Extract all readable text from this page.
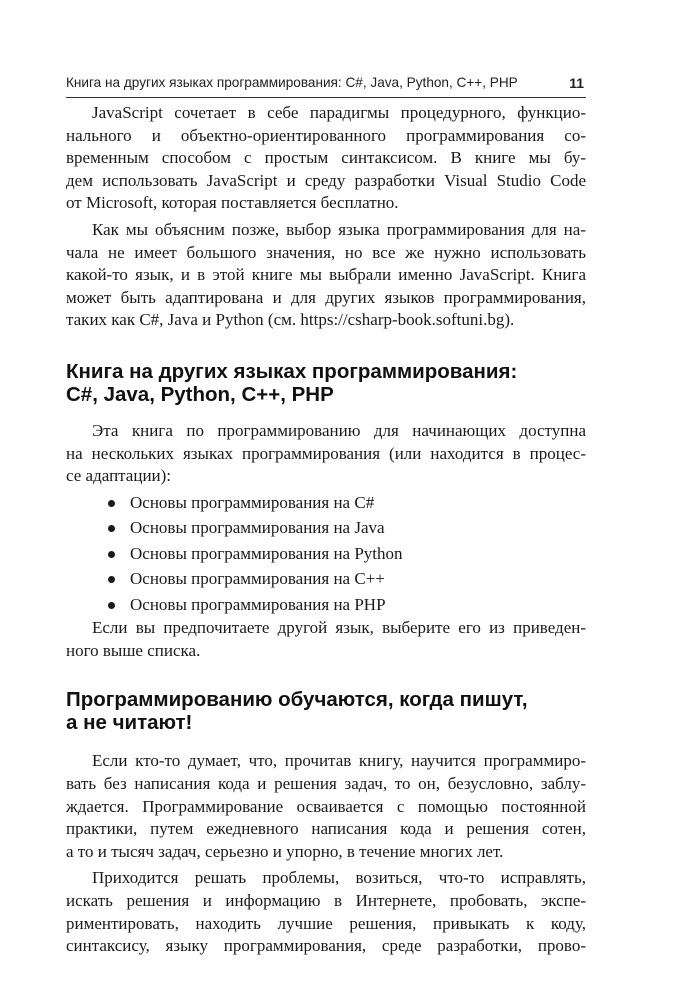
Книга на других языках программирования: C#, Java, Python, C++, PHP	11
JavaScript сочетает в себе парадигмы процедурного, функцио-
нального и объектно-ориентированного программирования со-
временным способом с простым синтаксисом. В книге мы бу-
дем использовать JavaScript и среду разработки Visual Studio Code
от Microsoft, которая поставляется бесплатно.
Как мы объясним позже, выбор языка программирования для на-
чала не имеет большого значения, но все же нужно использовать
какой-то язык, и в этой книге мы выбрали именно JavaScript. Книга
может быть адаптирована и для других языков программирования,
таких как C#, Java и Python (см. https://csharp-book.softuni.bg).
Книга на других языках программирования:
C#, Java, Python, C++, PHP
Эта книга по программированию для начинающих доступна
на нескольких языках программирования (или находится в процес-
се адаптации):
Основы программирования на C#
Основы программирования на Java
Основы программирования на Python
Основы программирования на C++
Основы программирования на PHP
Если вы предпочитаете другой язык, выберите его из приведен-
ного выше списка.
Программированию обучаются, когда пишут,
а не читают!
Если кто-то думает, что, прочитав книгу, научится программиро-
вать без написания кода и решения задач, то он, безусловно, заблу-
ждается. Программирование осваивается с помощью постоянной
практики, путем ежедневного написания кода и решения сотен,
а то и тысяч задач, серьезно и упорно, в течение многих лет.
Приходится решать проблемы, возиться, что-то исправлять,
искать решения и информацию в Интернете, пробовать, экспе-
риментировать, находить лучшие решения, привыкать к коду,
синтаксису, языку программирования, среде разработки, прово-
